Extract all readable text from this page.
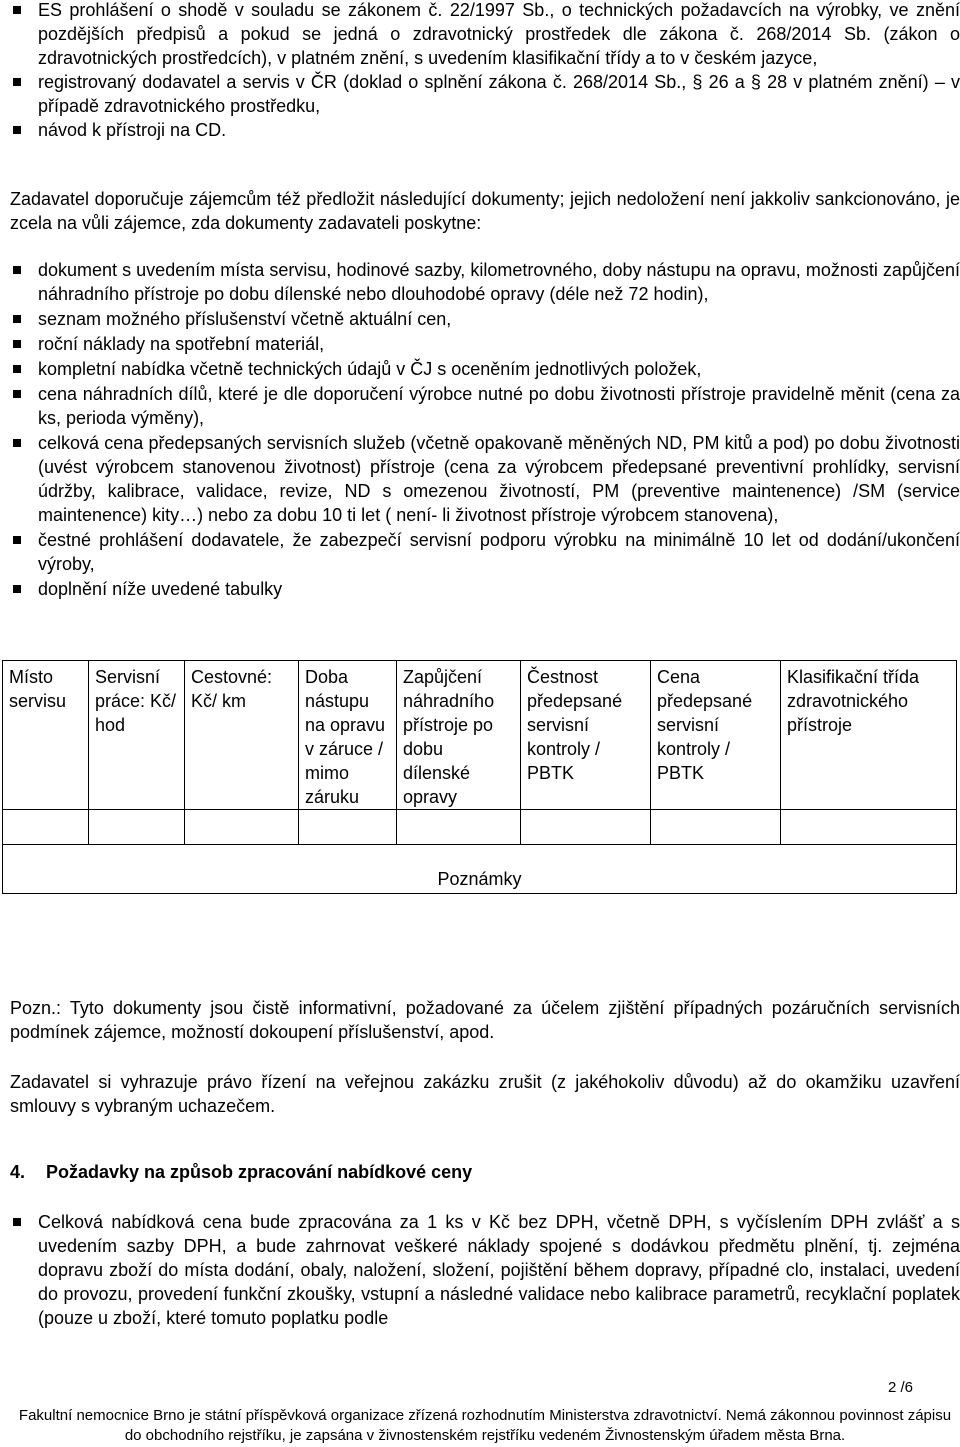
ES prohlášení o shodě v souladu se zákonem č. 22/1997 Sb., o technických požadavcích na výrobky, ve znění pozdějších předpisů a pokud se jedná o zdravotnický prostředek dle zákona č. 268/2014 Sb. (zákon o zdravotnických prostředcích), v platném znění, s uvedením klasifikační třídy a to v českém jazyce,
registrovaný dodavatel a servis v ČR (doklad o splnění zákona č. 268/2014 Sb., § 26 a § 28 v platném znění) – v případě zdravotnického prostředku,
návod k přístroji na CD.

Zadavatel doporučuje zájemcům též předložit následující dokumenty; jejich nedoložení není jakkoliv sankcionováno, je zcela na vůli zájemce, zda dokumenty zadavateli poskytne:

dokument s uvedením místa servisu, hodinové sazby, kilometrovného, doby nástupu na opravu, možnosti zapůjčení náhradního přístroje po dobu dílenské nebo dlouhodobé opravy (déle než 72 hodin),
seznam možného příslušenství včetně aktuální cen,
roční náklady na spotřební materiál,
kompletní nabídka včetně technických údajů v ČJ s oceněním jednotlivých položek,
cena náhradních dílů, které je dle doporučení výrobce nutné po dobu životnosti přístroje pravidelně měnit (cena za ks, perioda výměny),
celková cena předepsaných servisních služeb (včetně opakovaně měněných ND, PM kitů a pod) po dobu životnosti (uvést výrobcem stanovenou životnost) přístroje (cena za výrobcem předepsané preventivní prohlídky, servisní údržby, kalibrace, validace, revize, ND s omezenou životností, PM (preventive maintenence) /SM (service maintenence) kity…) nebo za dobu 10 ti let ( není- li životnost přístroje výrobcem stanovena),
čestné prohlášení dodavatele, že zabezpečí servisní podporu výrobku na minimálně 10 let od dodání/ukončení výroby,
doplnění níže uvedené tabulky
Místo servisu	Servisní práce: Kč/ hod	Cestovné: Kč/ km	Doba nástupu na opravu v záruce / mimo záruku	Zapůjčení náhradního přístroje po dobu dílenské opravy	Čestnost předepsané servisní kontroly / PBTK	Cena předepsané servisní kontroly / PBTK	Klasifikační třída zdravotnického přístroje

Poznámky							

Pozn.: Tyto dokumenty jsou čistě informativní, požadované za účelem zjištění případných pozáručních servisních podmínek zájemce, možností dokoupení příslušenství, apod.

Zadavatel si vyhrazuje právo řízení na veřejnou zakázku zrušit (z jakéhokoliv důvodu) až do okamžiku uzavření smlouvy s vybraným uchazečem.

4. Požadavky na způsob zpracování nabídkové ceny
Celková nabídková cena bude zpracována za 1 ks v Kč bez DPH, včetně DPH, s vyčíslením DPH zvlášť a s uvedením sazby DPH, a bude zahrnovat veškeré náklady spojené s dodávkou předmětu plnění, tj. zejména dopravu zboží do místa dodání, obaly, naložení, složení, pojištění během dopravy, případné clo, instalaci, uvedení do provozu, provedení funkční zkoušky, vstupní a následné validace nebo kalibrace parametrů, recyklační poplatek (pouze u zboží, které tomuto poplatku podle
2 /6
Fakultní nemocnice Brno je státní příspěvková organizace zřízená rozhodnutím Ministerstva zdravotnictví. Nemá zákonnou povinnost zápisu
do obchodního rejstříku, je zapsána v živnostenském rejstříku vedeném Živnostenským úřadem města Brna.
